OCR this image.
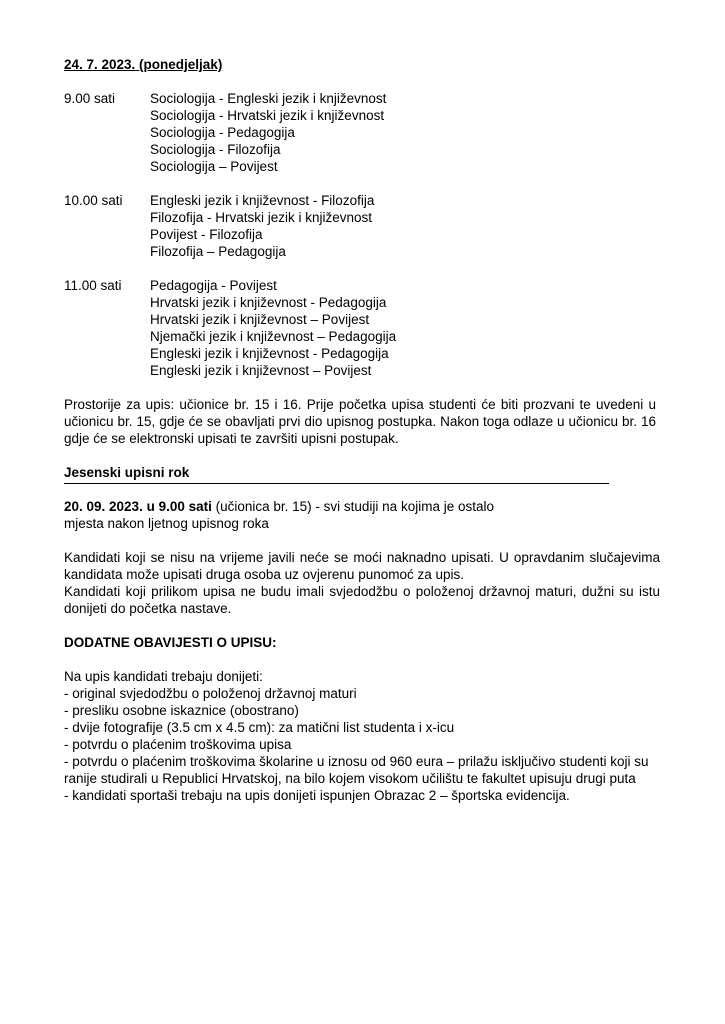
24. 7. 2023. (ponedjeljak)
9.00 sati	Sociologija - Engleski jezik i književnost
Sociologija - Hrvatski jezik i književnost
Sociologija - Pedagogija
Sociologija - Filozofija
Sociologija – Povijest
10.00 sati	Engleski jezik i književnost - Filozofija
Filozofija - Hrvatski jezik i književnost
Povijest - Filozofija
Filozofija – Pedagogija
11.00 sati	Pedagogija - Povijest
Hrvatski jezik i književnost - Pedagogija
Hrvatski jezik i književnost – Povijest
Njemački jezik i književnost – Pedagogija
Engleski jezik i književnost - Pedagogija
Engleski jezik i književnost – Povijest
Prostorije za upis: učionice br. 15 i 16. Prije početka upisa studenti će biti prozvani te uvedeni u učionicu br. 15, gdje će se obavljati prvi dio upisnog postupka. Nakon toga odlaze u učionicu br. 16 gdje će se elektronski upisati te završiti upisni postupak.
Jesenski upisni rok
20. 09. 2023. u 9.00 sati (učionica br. 15) - svi studiji na kojima je ostalo mjesta nakon ljetnog upisnog roka
Kandidati koji se nisu na vrijeme javili neće se moći naknadno upisati. U opravdanim slučajevima kandidata može upisati druga osoba uz ovjerenu punomoć za upis.
Kandidati koji prilikom upisa ne budu imali svjedodžbu o položenoj državnoj maturi, dužni su istu donijeti do početka nastave.
DODATNE OBAVIJESTI O UPISU:
Na upis kandidati trebaju donijeti:
- original svjedodžbu o položenoj državnoj maturi
- presliku osobne iskaznice (obostrano)
- dvije fotografije (3.5 cm x 4.5 cm): za matični list studenta i x-icu
- potvrdu o plaćenim troškovima upisa
- potvrdu o plaćenim troškovima školarine u iznosu od 960 eura – prilažu isključivo studenti koji su ranije studirali u Republici Hrvatskoj, na bilo kojem visokom učilištu te fakultet upisuju drugi puta
- kandidati sportaši trebaju na upis donijeti ispunjen Obrazac 2 – športska evidencija.
